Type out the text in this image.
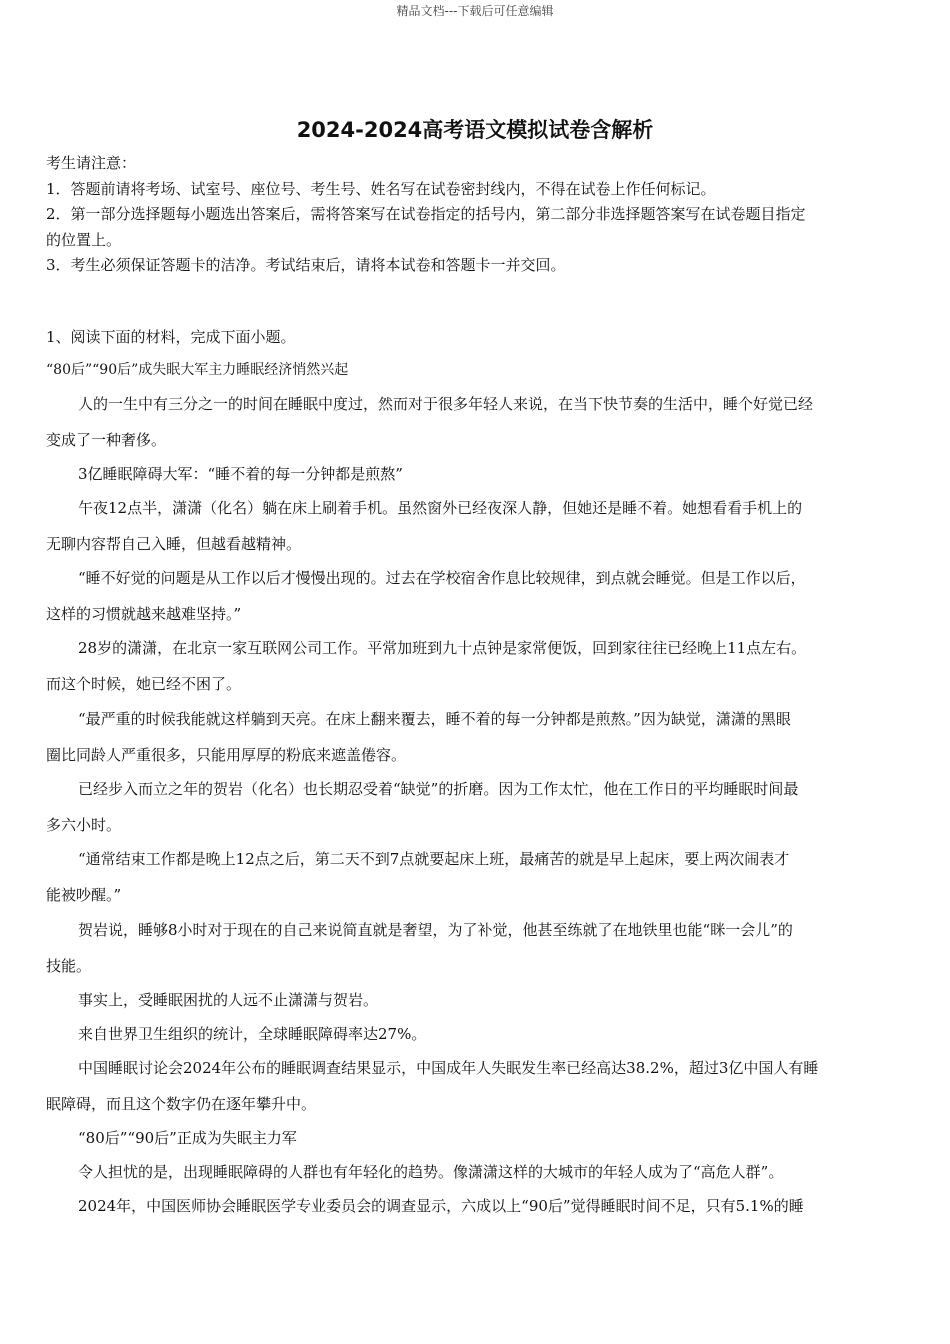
精品文档---下载后可任意编辑
2024-2024高考语文模拟试卷含解析
考生请注意：
1．答题前请将考场、试室号、座位号、考生号、姓名写在试卷密封线内，不得在试卷上作任何标记。
2．第一部分选择题每小题选出答案后，需将答案写在试卷指定的括号内，第二部分非选择题答案写在试卷题目指定
的位置上。
3．考生必须保证答题卡的洁净。考试结束后，请将本试卷和答题卡一并交回。
1、阅读下面的材料，完成下面小题。
“80后”“90后”成失眠大军主力睡眠经济悄然兴起
人的一生中有三分之一的时间在睡眠中度过，然而对于很多年轻人来说，在当下快节奏的生活中，睡个好觉已经
变成了一种奢侈。
3亿睡眠障碍大军：“睡不着的每一分钟都是煎熬”
午夜12点半，潇潇（化名）躺在床上刷着手机。虽然窗外已经夜深人静，但她还是睡不着。她想看看手机上的
无聊内容帮自己入睡，但越看越精神。
“睡不好觉的问题是从工作以后才慢慢出现的。过去在学校宿舍作息比较规律，到点就会睡觉。但是工作以后，
这样的习惯就越来越难坚持。”
28岁的潇潇，在北京一家互联网公司工作。平常加班到九十点钟是家常便饭，回到家往往已经晚上11点左右。
而这个时候，她已经不困了。
“最严重的时候我能就这样躺到天亮。在床上翻来覆去，睡不着的每一分钟都是煎熬。”因为缺觉，潇潇的黑眼
圈比同龄人严重很多，只能用厚厚的粉底来遮盖倦容。
已经步入而立之年的贺岩（化名）也长期忍受着“缺觉”的折磨。因为工作太忙，他在工作日的平均睡眠时间最
多六小时。
“通常结束工作都是晚上12点之后，第二天不到7点就要起床上班，最痛苦的就是早上起床，要上两次闹表才
能被吵醒。”
贺岩说，睡够8小时对于现在的自己来说简直就是奢望，为了补觉，他甚至练就了在地铁里也能“眯一会儿”的
技能。
事实上，受睡眠困扰的人远不止潇潇与贺岩。
来自世界卫生组织的统计，全球睡眠障碍率达27%。
中国睡眠讨论会2024年公布的睡眠调查结果显示，中国成年人失眠发生率已经高达38.2%，超过3亿中国人有睡
眠障碍，而且这个数字仍在逐年攀升中。
“80后”“90后”正成为失眠主力军
令人担忧的是，出现睡眠障碍的人群也有年轻化的趋势。像潇潇这样的大城市的年轻人成为了“高危人群”。
2024年，中国医师协会睡眠医学专业委员会的调查显示，六成以上“90后”觉得睡眠时间不足，只有5.1%的睡
